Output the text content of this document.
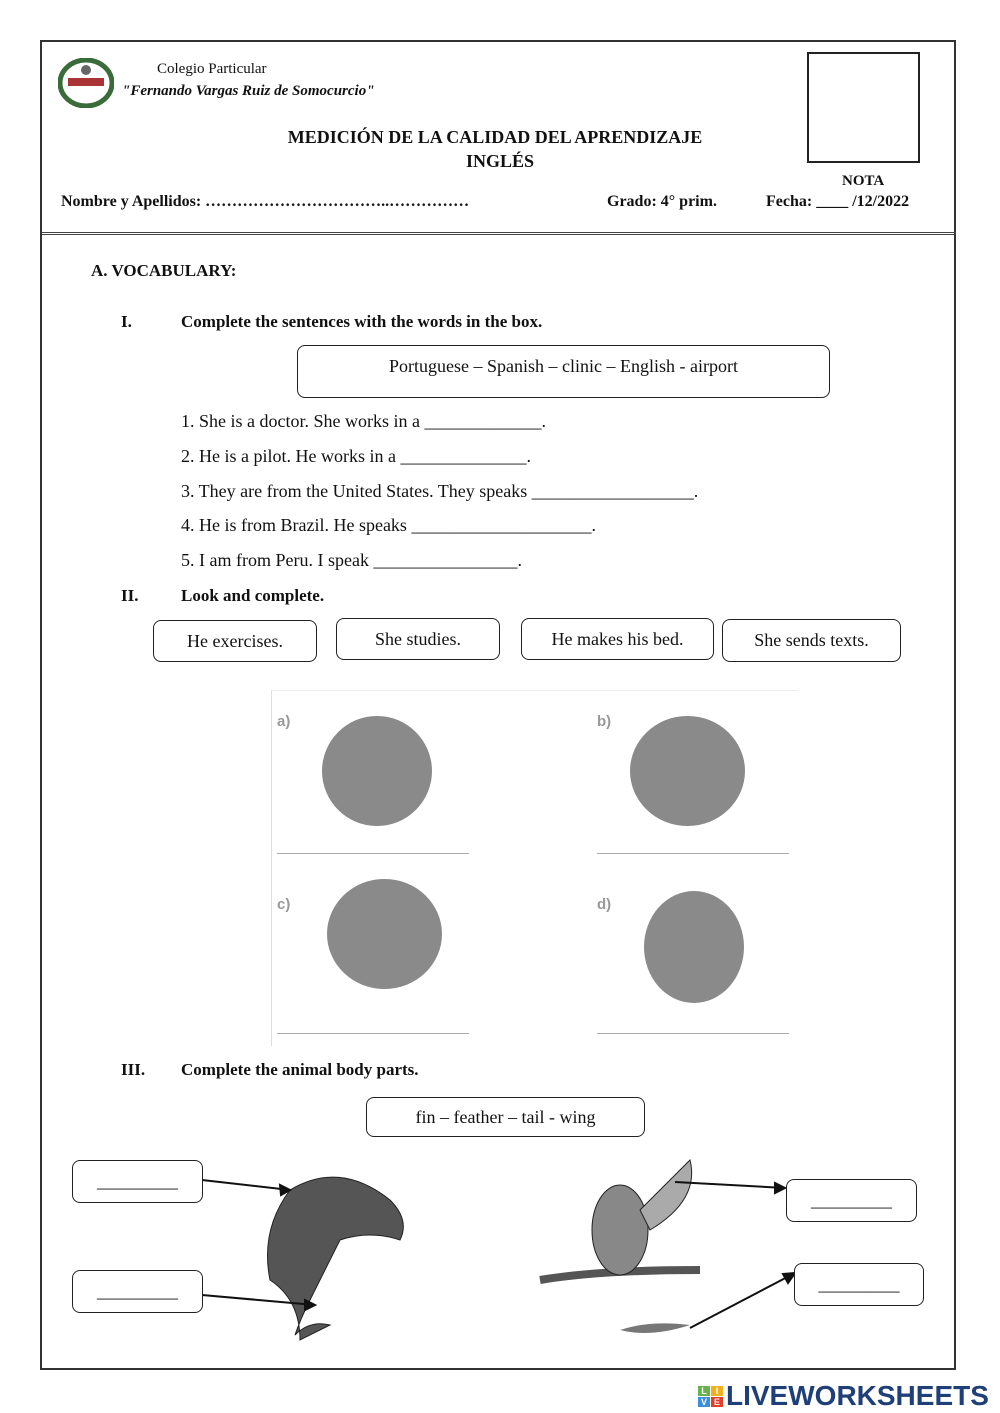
Colegio Particular
"Fernando Vargas Ruiz de Somocurcio"
MEDICIÓN DE LA CALIDAD DEL APRENDIZAJE
INGLÉS
NOTA
Nombre y Apellidos: ……………………………..……………	Grado: 4° prim.	Fecha: ____ /12/2022
A. VOCABULARY:
I.	Complete the sentences with the words in the box.
Portuguese – Spanish – clinic – English - airport
1. She is a doctor. She works in a _____________.
2. He is a pilot. He works in a ______________.
3. They are from the United States. They speaks __________________.
4. He is from Brazil. He speaks ____________________.
5. I am from Peru. I speak ________________.
II.	Look and complete.
He exercises.	She studies.	He makes his bed.	She sends texts.
a)	b)
c)	d)
III. Complete the animal body parts.
fin – feather – tail - wing
_________
_________
_________
_________
L I
V E LIVEWORKSHEETS
